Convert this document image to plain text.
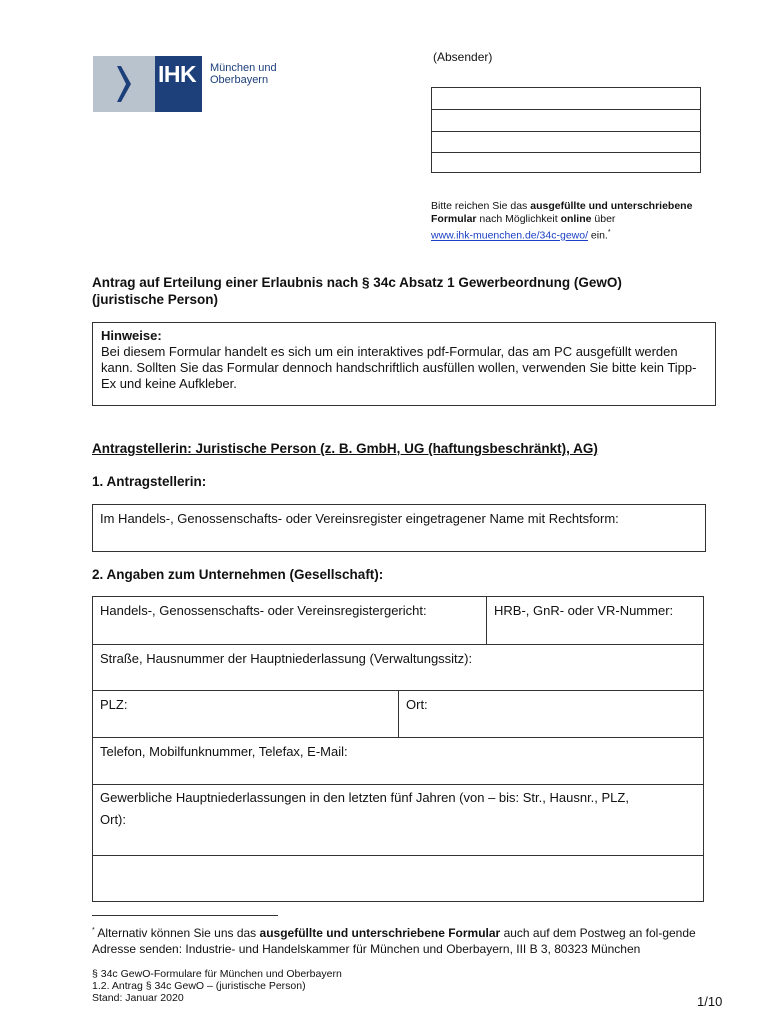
IHK	München und
Oberbayern
(Absender)
Bitte reichen Sie das ausgefüllte und unterschriebene Formular nach Möglichkeit online über
www.ihk-muenchen.de/34c-gewo/ ein.*
Antrag auf Erteilung einer Erlaubnis nach § 34c Absatz 1 Gewerbeordnung (GewO)
(juristische Person)
Hinweise:
Bei diesem Formular handelt es sich um ein interaktives pdf-Formular, das am PC ausgefüllt werden kann. Sollten Sie das Formular dennoch handschriftlich ausfüllen wollen, verwenden Sie bitte kein Tipp-Ex und keine Aufkleber.
Antragstellerin: Juristische Person (z. B. GmbH, UG (haftungsbeschränkt), AG)
1. Antragstellerin:
Im Handels-, Genossenschafts- oder Vereinsregister eingetragener Name mit Rechtsform:
2. Angaben zum Unternehmen (Gesellschaft):
Handels-, Genossenschafts- oder Vereinsregistergericht:	HRB-, GnR- oder VR-Nummer:
Straße, Hausnummer der Hauptniederlassung (Verwaltungssitz):
PLZ:	Ort:
Telefon, Mobilfunknummer, Telefax, E-Mail:
Gewerbliche Hauptniederlassungen in den letzten fünf Jahren (von – bis: Str., Hausnr., PLZ,
Ort):
* Alternativ können Sie uns das ausgefüllte und unterschriebene Formular auch auf dem Postweg an fol-gende Adresse senden: Industrie- und Handelskammer für München und Oberbayern, III B 3, 80323 München
§ 34c GewO-Formulare für München und Oberbayern
1.2. Antrag § 34c GewO – (juristische Person)
Stand: Januar 2020	1/10
